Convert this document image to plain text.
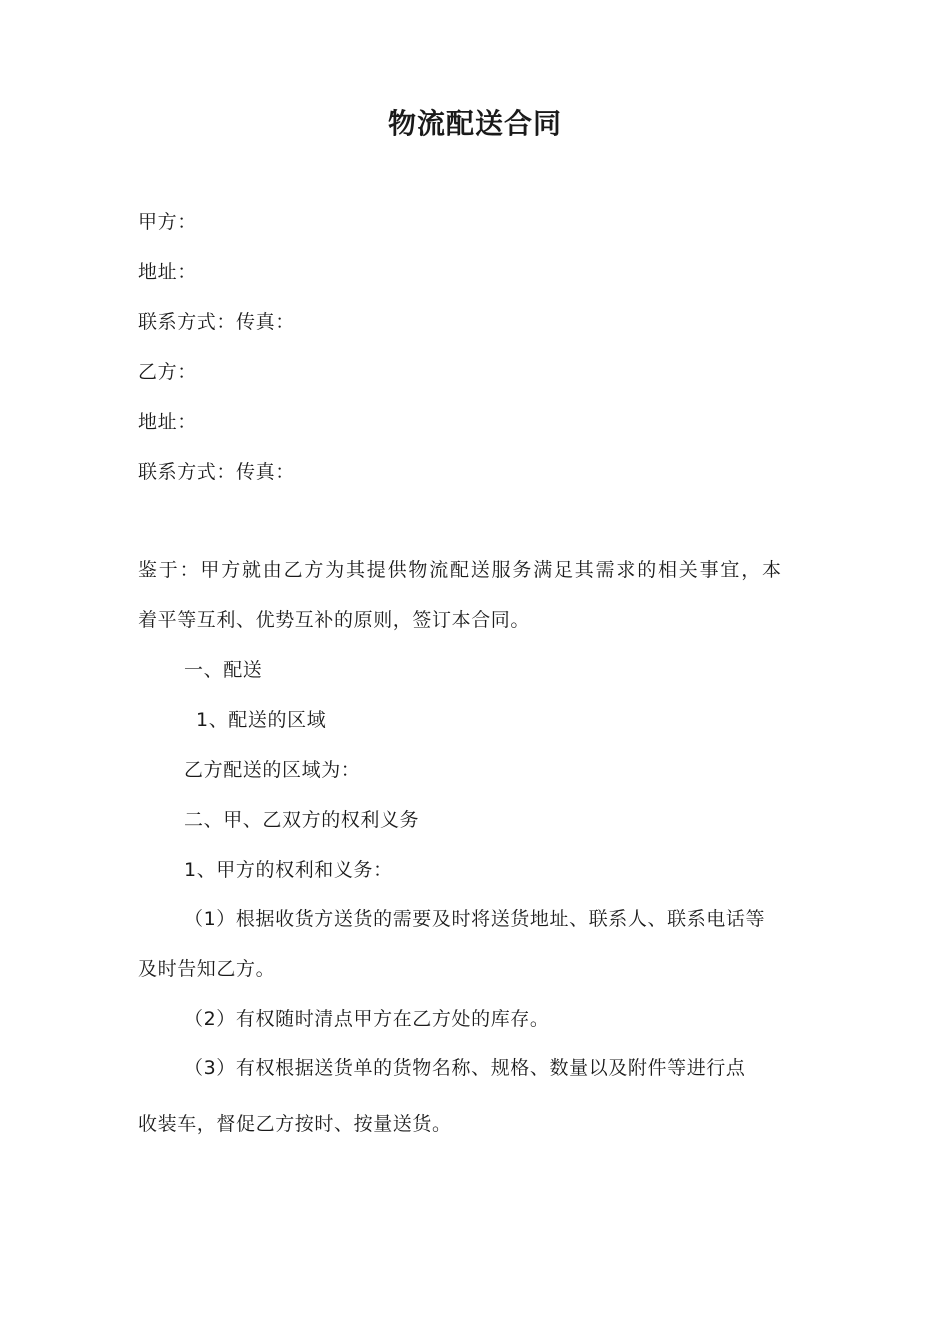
物流配送合同
甲方：
地址：
联系方式：传真：
乙方：
地址：
联系方式：传真：
鉴于：甲方就由乙方为其提供物流配送服务满足其需求的相关事宜，本
着平等互利、优势互补的原则，签订本合同。
一、配送
1、配送的区域
乙方配送的区域为：
二、甲、乙双方的权利义务
1、甲方的权利和义务：
（1）根据收货方送货的需要及时将送货地址、联系人、联系电话等
及时告知乙方。
（2）有权随时清点甲方在乙方处的库存。
（3）有权根据送货单的货物名称、规格、数量以及附件等进行点
收装车，督促乙方按时、按量送货。
